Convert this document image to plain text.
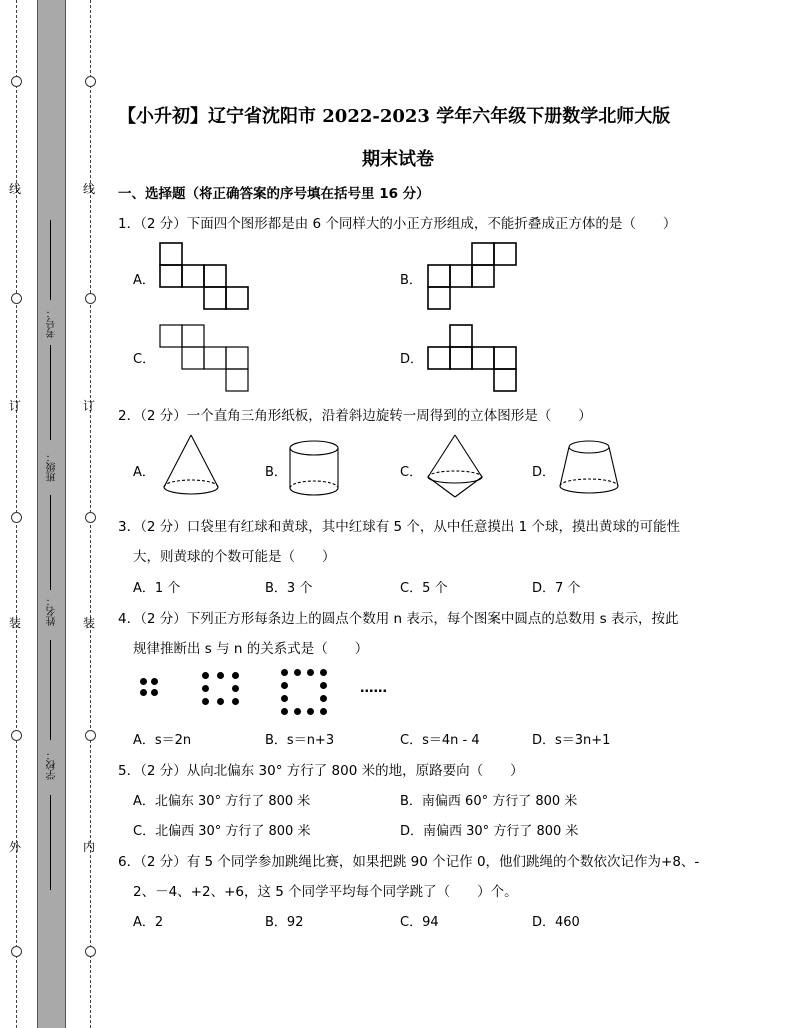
线
订
装
外
线
订
装
内
考号：
班级：
姓名：
学校：
【小升初】辽宁省沈阳市 2022-2023 学年六年级下册数学北师大版
期末试卷
一、选择题（将正确答案的序号填在括号里 16 分）
1．（2 分）下面四个图形都是由 6 个同样大的小正方形组成，不能折叠成正方体的是（　　）
A．	B．
C．	D．
2．（2 分）一个直角三角形纸板，沿着斜边旋转一周得到的立体图形是（　　）
A．	B．	C．	D．
3．（2 分）口袋里有红球和黄球，其中红球有 5 个，从中任意摸出 1 个球，摸出黄球的可能性
大，则黄球的个数可能是（　　）
A．1 个	B．3 个	C．5 个	D．7 个
4．（2 分）下列正方形每条边上的圆点个数用 n 表示，每个图案中圆点的总数用 s 表示，按此
规律推断出 s 与 n 的关系式是（　　）
……
A．s＝2n	B．s＝n+3	C．s＝4n - 4	D．s＝3n+1
5．（2 分）从向北偏东 30° 方行了 800 米的地，原路要向（　　）
A．北偏东 30° 方行了 800 米	B．南偏西 60° 方行了 800 米
C．北偏西 30° 方行了 800 米	D．南偏西 30° 方行了 800 米
6．（2 分）有 5 个同学参加跳绳比赛，如果把跳 90 个记作 0，他们跳绳的个数依次记作为+8、-
2、－4、+2、+6，这 5 个同学平均每个同学跳了（　　）个。
A．2	B．92	C．94	D．460
